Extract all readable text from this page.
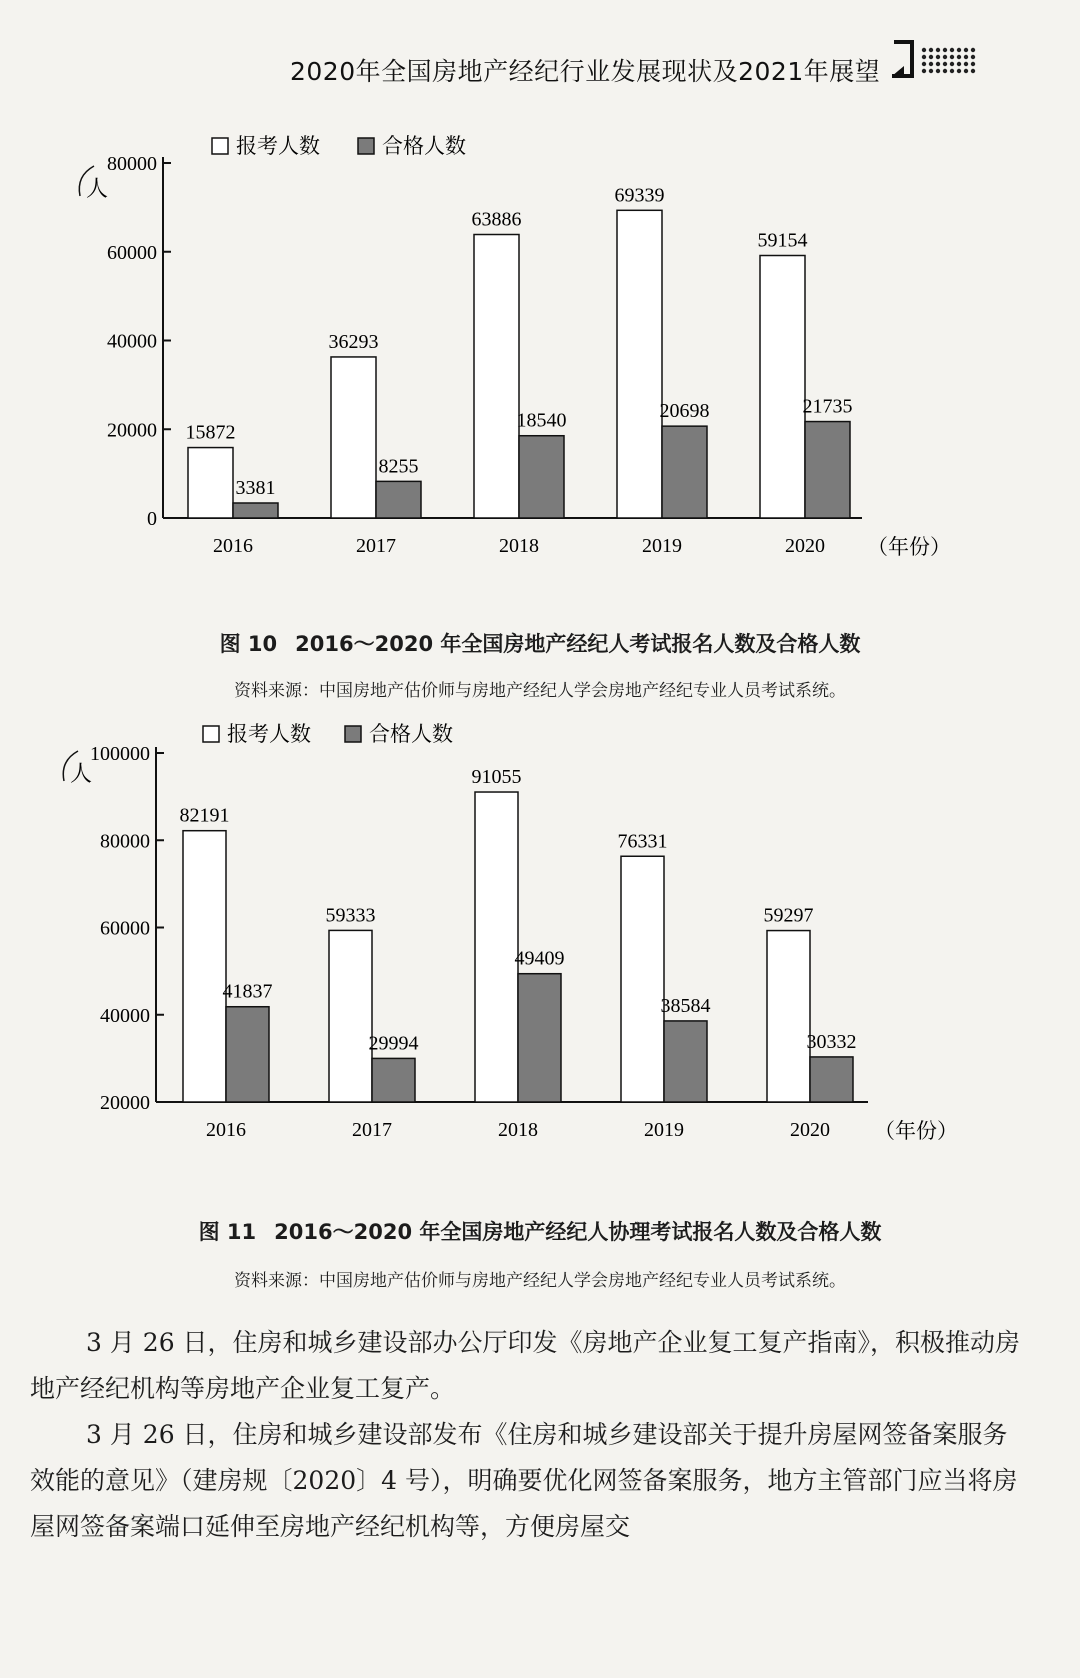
2020年全国房地产经纪行业发展现状及2021年展望
0
20000
40000
60000
80000
人
（年份）
报考人数	合格人数
15872
3381
2016
36293
8255
2017
63886
18540
2018
69339
20698
2019
59154
21735
2020
图 10 2016～2020 年全国房地产经纪人考试报名人数及合格人数
资料来源：中国房地产估价师与房地产经纪人学会房地产经纪专业人员考试系统。
20000
40000
60000
80000
100000
人
（年份）
报考人数	合格人数
82191
41837
2016
59333
29994
2017
91055
49409
2018
76331
38584
2019
59297
30332
2020
图 11 2016～2020 年全国房地产经纪人协理考试报名人数及合格人数
资料来源：中国房地产估价师与房地产经纪人学会房地产经纪专业人员考试系统。

3 月 26 日，住房和城乡建设部办公厅印发《房地产企业复工复产指南》，积极推动房地产经纪机构等房地产企业复工复产。

3 月 26 日，住房和城乡建设部发布《住房和城乡建设部关于提升房屋网签备案服务效能的意见》（建房规〔2020〕4 号），明确要优化网签备案服务，地方主管部门应当将房屋网签备案端口延伸至房地产经纪机构等，方便房屋交
